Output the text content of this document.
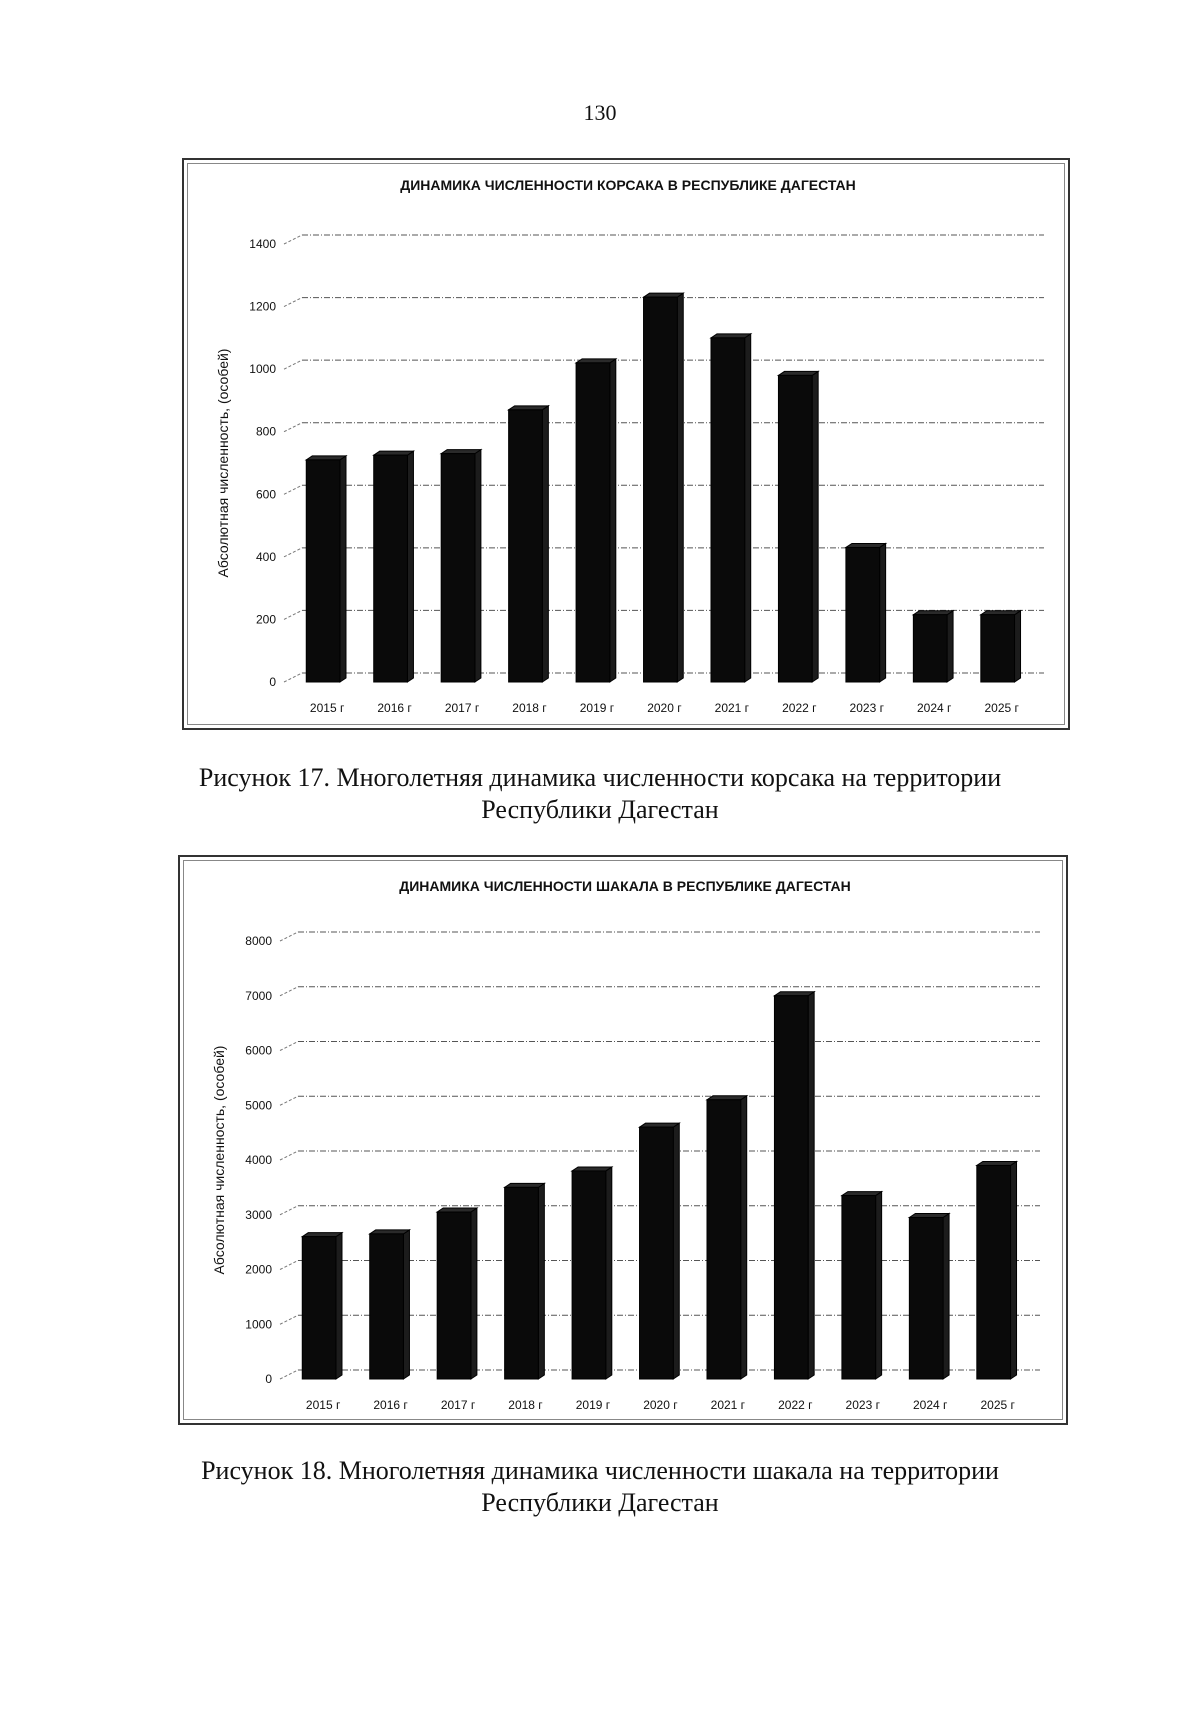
130
ДИНАМИКА ЧИСЛЕННОСТИ КОРСАКА В РЕСПУБЛИКЕ ДАГЕСТАН
Абсолютная численность, (особей)
0
200
400
600
800
1000
1200
1400
2015 г	2016 г	2017 г	2018 г	2019 г	2020 г	2021 г	2022 г	2023 г	2024 г	2025 г
Рисунок 17. Многолетняя динамика численности корсака на территории
Республики Дагестан
ДИНАМИКА ЧИСЛЕННОСТИ ШАКАЛА В РЕСПУБЛИКЕ ДАГЕСТАН
Абсолютная численность, (особей)
0
1000
2000
3000
4000
5000
6000
7000
8000
2015 г	2016 г	2017 г	2018 г	2019 г	2020 г	2021 г	2022 г	2023 г	2024 г	2025 г
Рисунок 18. Многолетняя динамика численности шакала на территории
Республики Дагестан
